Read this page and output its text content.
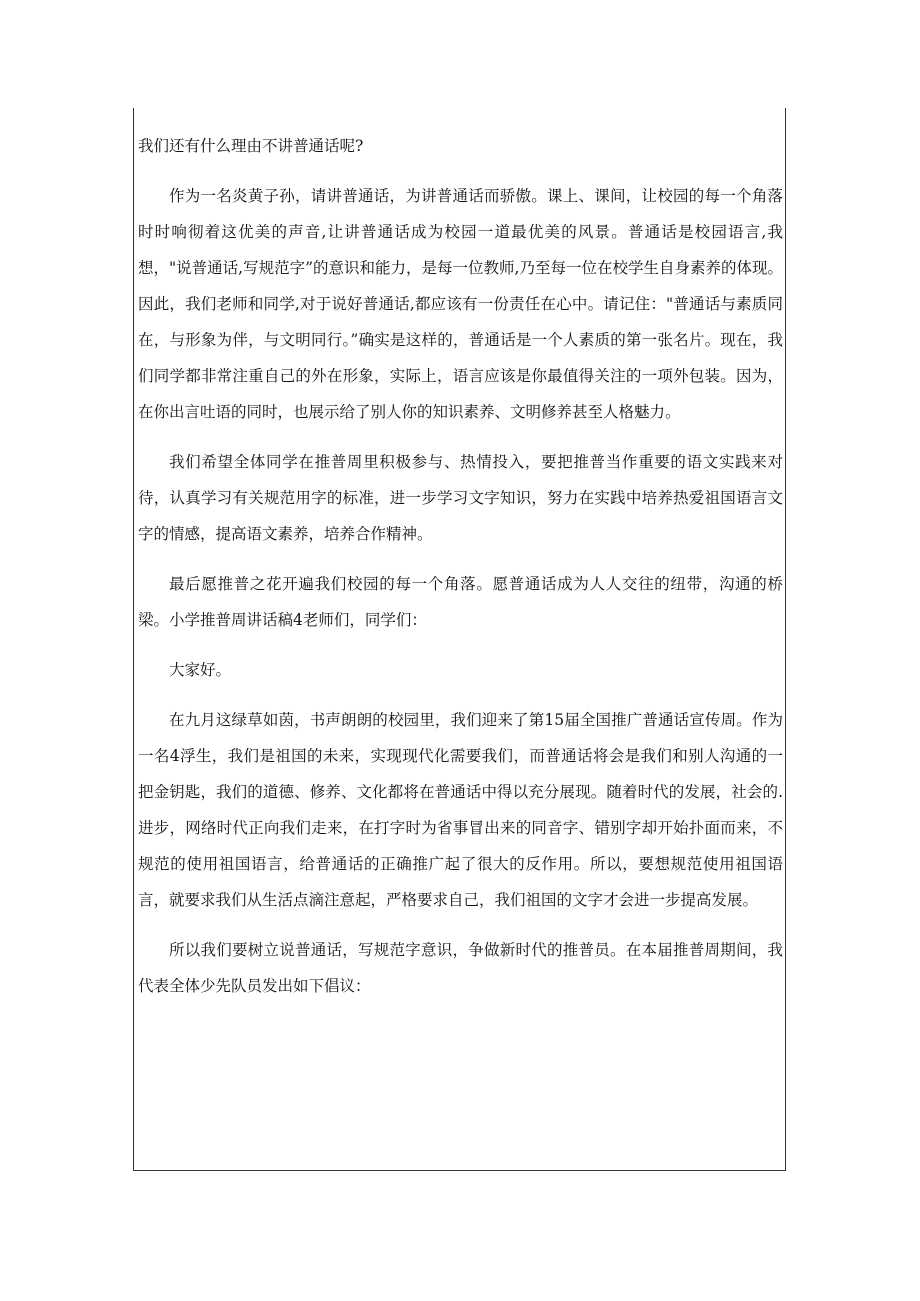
我们还有什么理由不讲普通话呢?

作为一名炎黄子孙，请讲普通话，为讲普通话而骄傲。课上、课间，让校园的每一个角落时时响彻着这优美的声音,让讲普通话成为校园一道最优美的风景。普通话是校园语言,我想，"说普通话,写规范字”的意识和能力，是每一位教师,乃至每一位在校学生自身素养的体现。因此，我们老师和同学,对于说好普通话,都应该有一份责任在心中。请记住："普通话与素质同在，与形象为伴，与文明同行。”确实是这样的，普通话是一个人素质的第一张名片。现在，我们同学都非常注重自己的外在形象，实际上，语言应该是你最值得关注的一项外包装。因为，在你出言吐语的同时，也展示给了别人你的知识素养、文明修养甚至人格魅力。

我们希望全体同学在推普周里积极参与、热情投入，要把推普当作重要的语文实践来对待，认真学习有关规范用字的标准，进一步学习文字知识，努力在实践中培养热爱祖国语言文字的情感，提高语文素养，培养合作精神。

最后愿推普之花开遍我们校园的每一个角落。愿普通话成为人人交往的纽带，沟通的桥梁。小学推普周讲话稿4老师们，同学们：

大家好。

在九月这绿草如茵，书声朗朗的校园里，我们迎来了第15届全国推广普通话宣传周。作为一名4浮生，我们是祖国的未来，实现现代化需要我们，而普通话将会是我们和别人沟通的一把金钥匙，我们的道德、修养、文化都将在普通话中得以充分展现。随着时代的发展，社会的.进步，网络时代正向我们走来，在打字时为省事冒出来的同音字、错别字却开始扑面而来，不规范的使用祖国语言，给普通话的正确推广起了很大的反作用。所以，要想规范使用祖国语言，就要求我们从生活点滴注意起，严格要求自己，我们祖国的文字才会进一步提高发展。

所以我们要树立说普通话，写规范字意识，争做新时代的推普员。在本届推普周期间，我代表全体少先队员发出如下倡议：
